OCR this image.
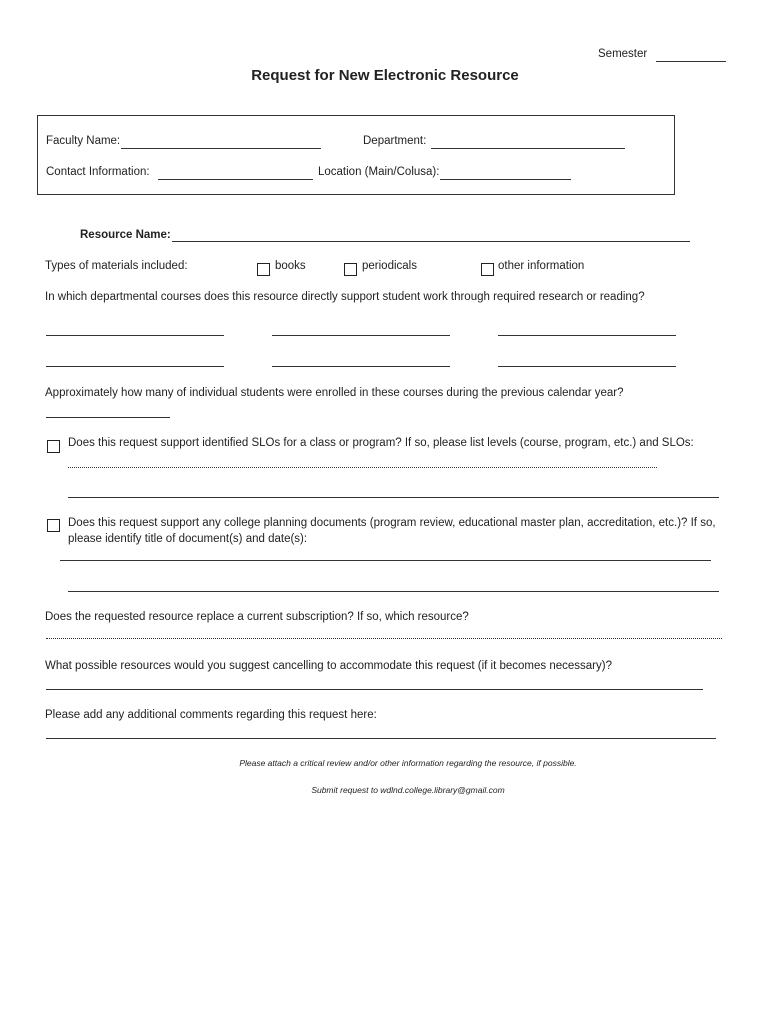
Semester
Request for New Electronic Resource
Faculty Name:	Department:
Contact Information:	Location (Main/Colusa):
Resource Name:
Types of materials included:	books	periodicals	other information
In which departmental courses does this resource directly support student work through required research or reading?
Approximately how many of individual students were enrolled in these courses during the previous calendar year?
Does this request support identified SLOs for a class or program? If so, please list levels (course, program, etc.) and SLOs:
Does this request support any college planning documents (program review, educational master plan, accreditation, etc.)? If so,
please identify title of document(s) and date(s):
Does the requested resource replace a current subscription? If so, which resource?
What possible resources would you suggest cancelling to accommodate this request (if it becomes necessary)?
Please add any additional comments regarding this request here:
Please attach a critical review and/or other information regarding the resource, if possible.
Submit request to wdlnd.college.library@gmail.com
